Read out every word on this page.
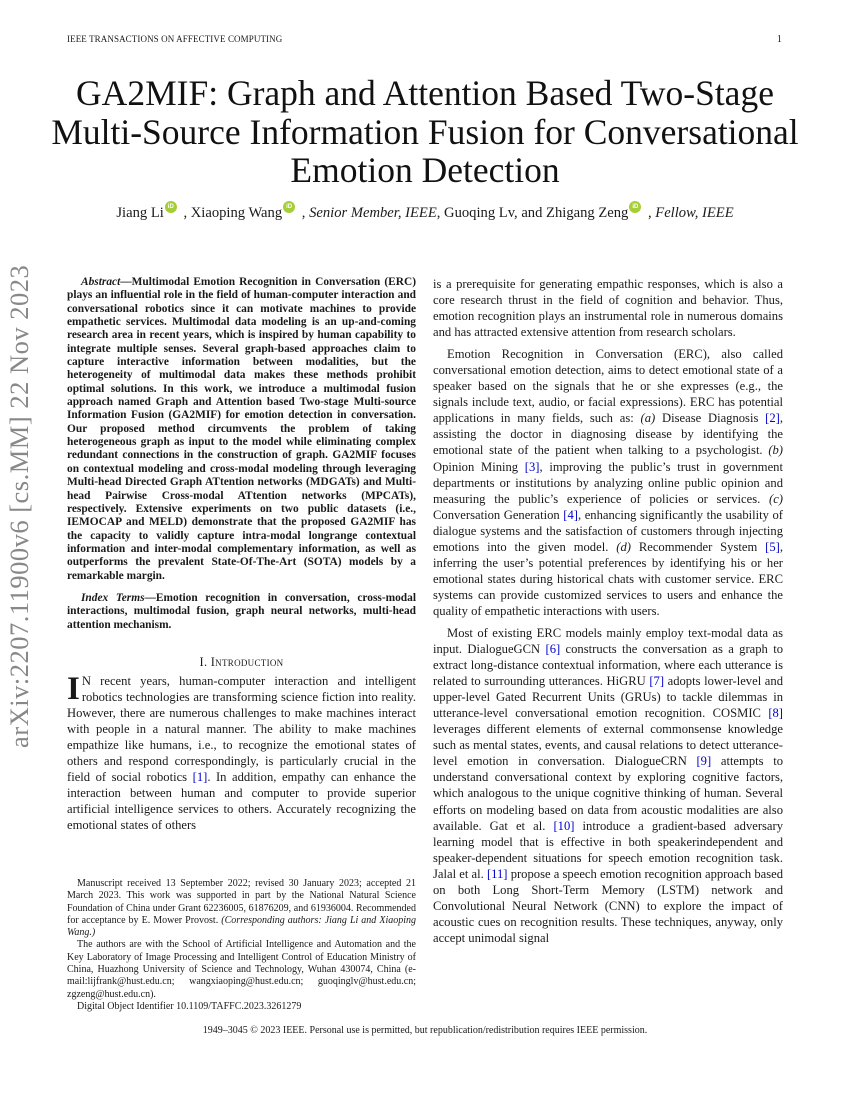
IEEE TRANSACTIONS ON AFFECTIVE COMPUTING	1
GA2MIF: Graph and Attention Based Two-Stage Multi-Source Information Fusion for Conversational Emotion Detection
Jiang LiiD , Xiaoping WangiD , Senior Member, IEEE, Guoqing Lv, and Zhigang ZengiD , Fellow, IEEE
arXiv:2207.11900v6 [cs.MM] 22 Nov 2023	Abstract—Multimodal Emotion Recognition in Conversation (ERC) plays an influential role in the field of human-computer interaction and conversational robotics since it can motivate machines to provide empathetic services. Multimodal data modeling is an up-and-coming research area in recent years, which is inspired by human capability to integrate multiple senses. Several graph-based approaches claim to capture interactive information between modalities, but the heterogeneity of multimodal data makes these methods prohibit optimal solutions. In this work, we introduce a multimodal fusion approach named Graph and Attention based Two-stage Multi-source Information Fusion (GA2MIF) for emotion detection in conversation. Our proposed method circumvents the problem of taking heterogeneous graph as input to the model while eliminating complex redundant connections in the construction of graph. GA2MIF focuses on contextual modeling and cross-modal modeling through leveraging Multi-head Directed Graph ATtention networks (MDGATs) and Multi-head Pairwise Cross-modal ATtention networks (MPCATs), respectively. Extensive experiments on two public datasets (i.e., IEMOCAP and MELD) demonstrate that the proposed GA2MIF has the capacity to validly capture intra-modal longrange contextual information and inter-modal complementary information, as well as outperforms the prevalent State-Of-The-Art (SOTA) models by a remarkable margin.

Index Terms—Emotion recognition in conversation, cross-modal interactions, multimodal fusion, graph neural networks, multi-head attention mechanism.

I. Introduction

I N recent years, human-computer interaction and intelligent robotics technologies are transforming science fiction into reality. However, there are numerous challenges to make machines interact with people in a natural manner. The ability to make machines empathize like humans, i.e., to recognize the emotional states of others and respond correspondingly, is particularly crucial in the field of social robotics [1]. In addition, empathy can enhance the interaction between human and computer to provide superior artificial intelligence services to others. Accurately recognizing the emotional states of others

Manuscript received 13 September 2022; revised 30 January 2023; accepted 21 March 2023. This work was supported in part by the National Natural Science Foundation of China under Grant 62236005, 61876209, and 61936004. Recommended for acceptance by E. Mower Provost. (Corresponding authors: Jiang Li and Xiaoping Wang.)

The authors are with the School of Artificial Intelligence and Automation and the Key Laboratory of Image Processing and Intelligent Control of Education Ministry of China, Huazhong University of Science and Technology, Wuhan 430074, China (e-mail:lijfrank@hust.edu.cn; wangxiaoping@hust.edu.cn; guoqinglv@hust.edu.cn; zgzeng@hust.edu.cn).

Digital Object Identifier 10.1109/TAFFC.2023.3261279

is a prerequisite for generating empathic responses, which is also a core research thrust in the field of cognition and behavior. Thus, emotion recognition plays an instrumental role in numerous domains and has attracted extensive attention from research scholars.

Emotion Recognition in Conversation (ERC), also called conversational emotion detection, aims to detect emotional state of a speaker based on the signals that he or she expresses (e.g., the signals include text, audio, or facial expressions). ERC has potential applications in many fields, such as: (a) Disease Diagnosis [2], assisting the doctor in diagnosing disease by identifying the emotional state of the patient when talking to a psychologist. (b) Opinion Mining [3], improving the public’s trust in government departments or institutions by analyzing online public opinion and measuring the public’s experience of policies or services. (c) Conversation Generation [4], enhancing significantly the usability of dialogue systems and the satisfaction of customers through injecting emotions into the given model. (d) Recommender System [5], inferring the user’s potential preferences by identifying his or her emotional states during historical chats with customer service. ERC systems can provide customized services to users and enhance the quality of empathetic interactions with users.

Most of existing ERC models mainly employ text-modal data as input. DialogueGCN [6] constructs the conversation as a graph to extract long-distance contextual information, where each utterance is related to surrounding utterances. HiGRU [7] adopts lower-level and upper-level Gated Recurrent Units (GRUs) to tackle dilemmas in utterance-level conversational emotion recognition. COSMIC [8] leverages different elements of external commonsense knowledge such as mental states, events, and causal relations to detect utterance-level emotion in conversation. DialogueCRN [9] attempts to understand conversational context by exploring cognitive factors, which analogous to the unique cognitive thinking of human. Several efforts on modeling based on data from acoustic modalities are also available. Gat et al. [10] introduce a gradient-based adversary learning model that is effective in both speakerindependent and speaker-dependent situations for speech emotion recognition task. Jalal et al. [11] propose a speech emotion recognition approach based on both Long Short-Term Memory (LSTM) network and Convolutional Neural Network (CNN) to explore the impact of acoustic cues on recognition results. These techniques, anyway, only accept unimodal signal

1949–3045 © 2023 IEEE. Personal use is permitted, but republication/redistribution requires IEEE permission.
